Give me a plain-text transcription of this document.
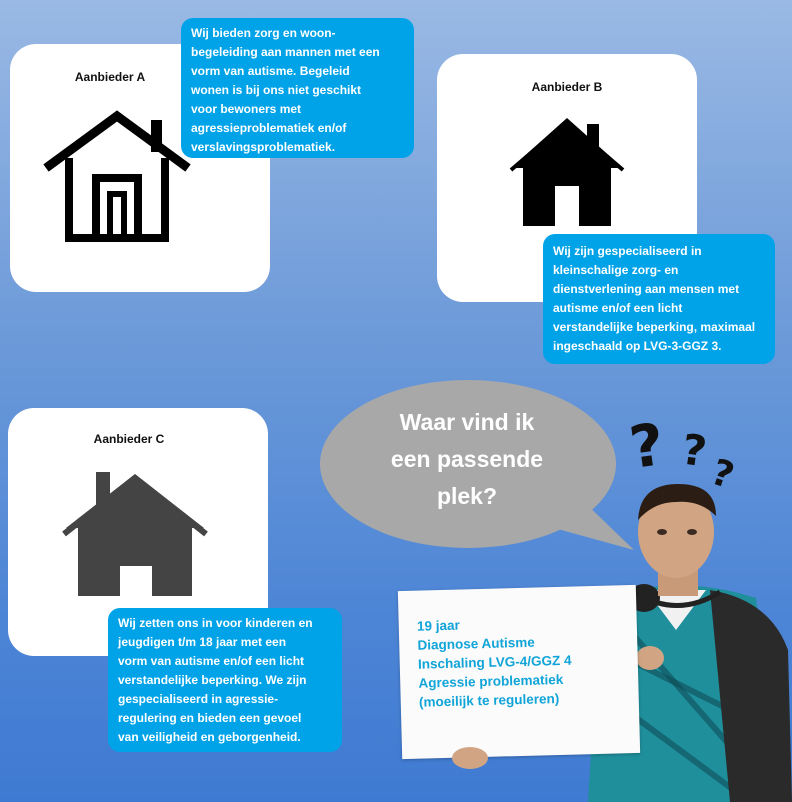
Aanbieder A
Wij bieden zorg en woon-
begeleiding aan mannen met een
vorm van autisme. Begeleid
wonen is bij ons niet geschikt
voor bewoners met
agressieproblematiek en/of
verslavingsproblematiek.
Aanbieder B
Wij zijn gespecialiseerd in
kleinschalige zorg- en
dienstverlening aan mensen met
autisme en/of een licht
verstandelijke beperking, maximaal
ingeschaald op LVG-3-GGZ 3.
Aanbieder C
Wij zetten ons in voor kinderen en
jeugdigen t/m 18 jaar met een
vorm van autisme en/of een licht
verstandelijke beperking. We zijn
gespecialiseerd in agressie-
regulering en bieden een gevoel
van veiligheid en geborgenheid.
Waar vind ik
een passende
plek?
? ?
?
19 jaar
Diagnose Autisme
Inschaling LVG-4/GGZ 4
Agressie problematiek
(moeilijk te reguleren)
